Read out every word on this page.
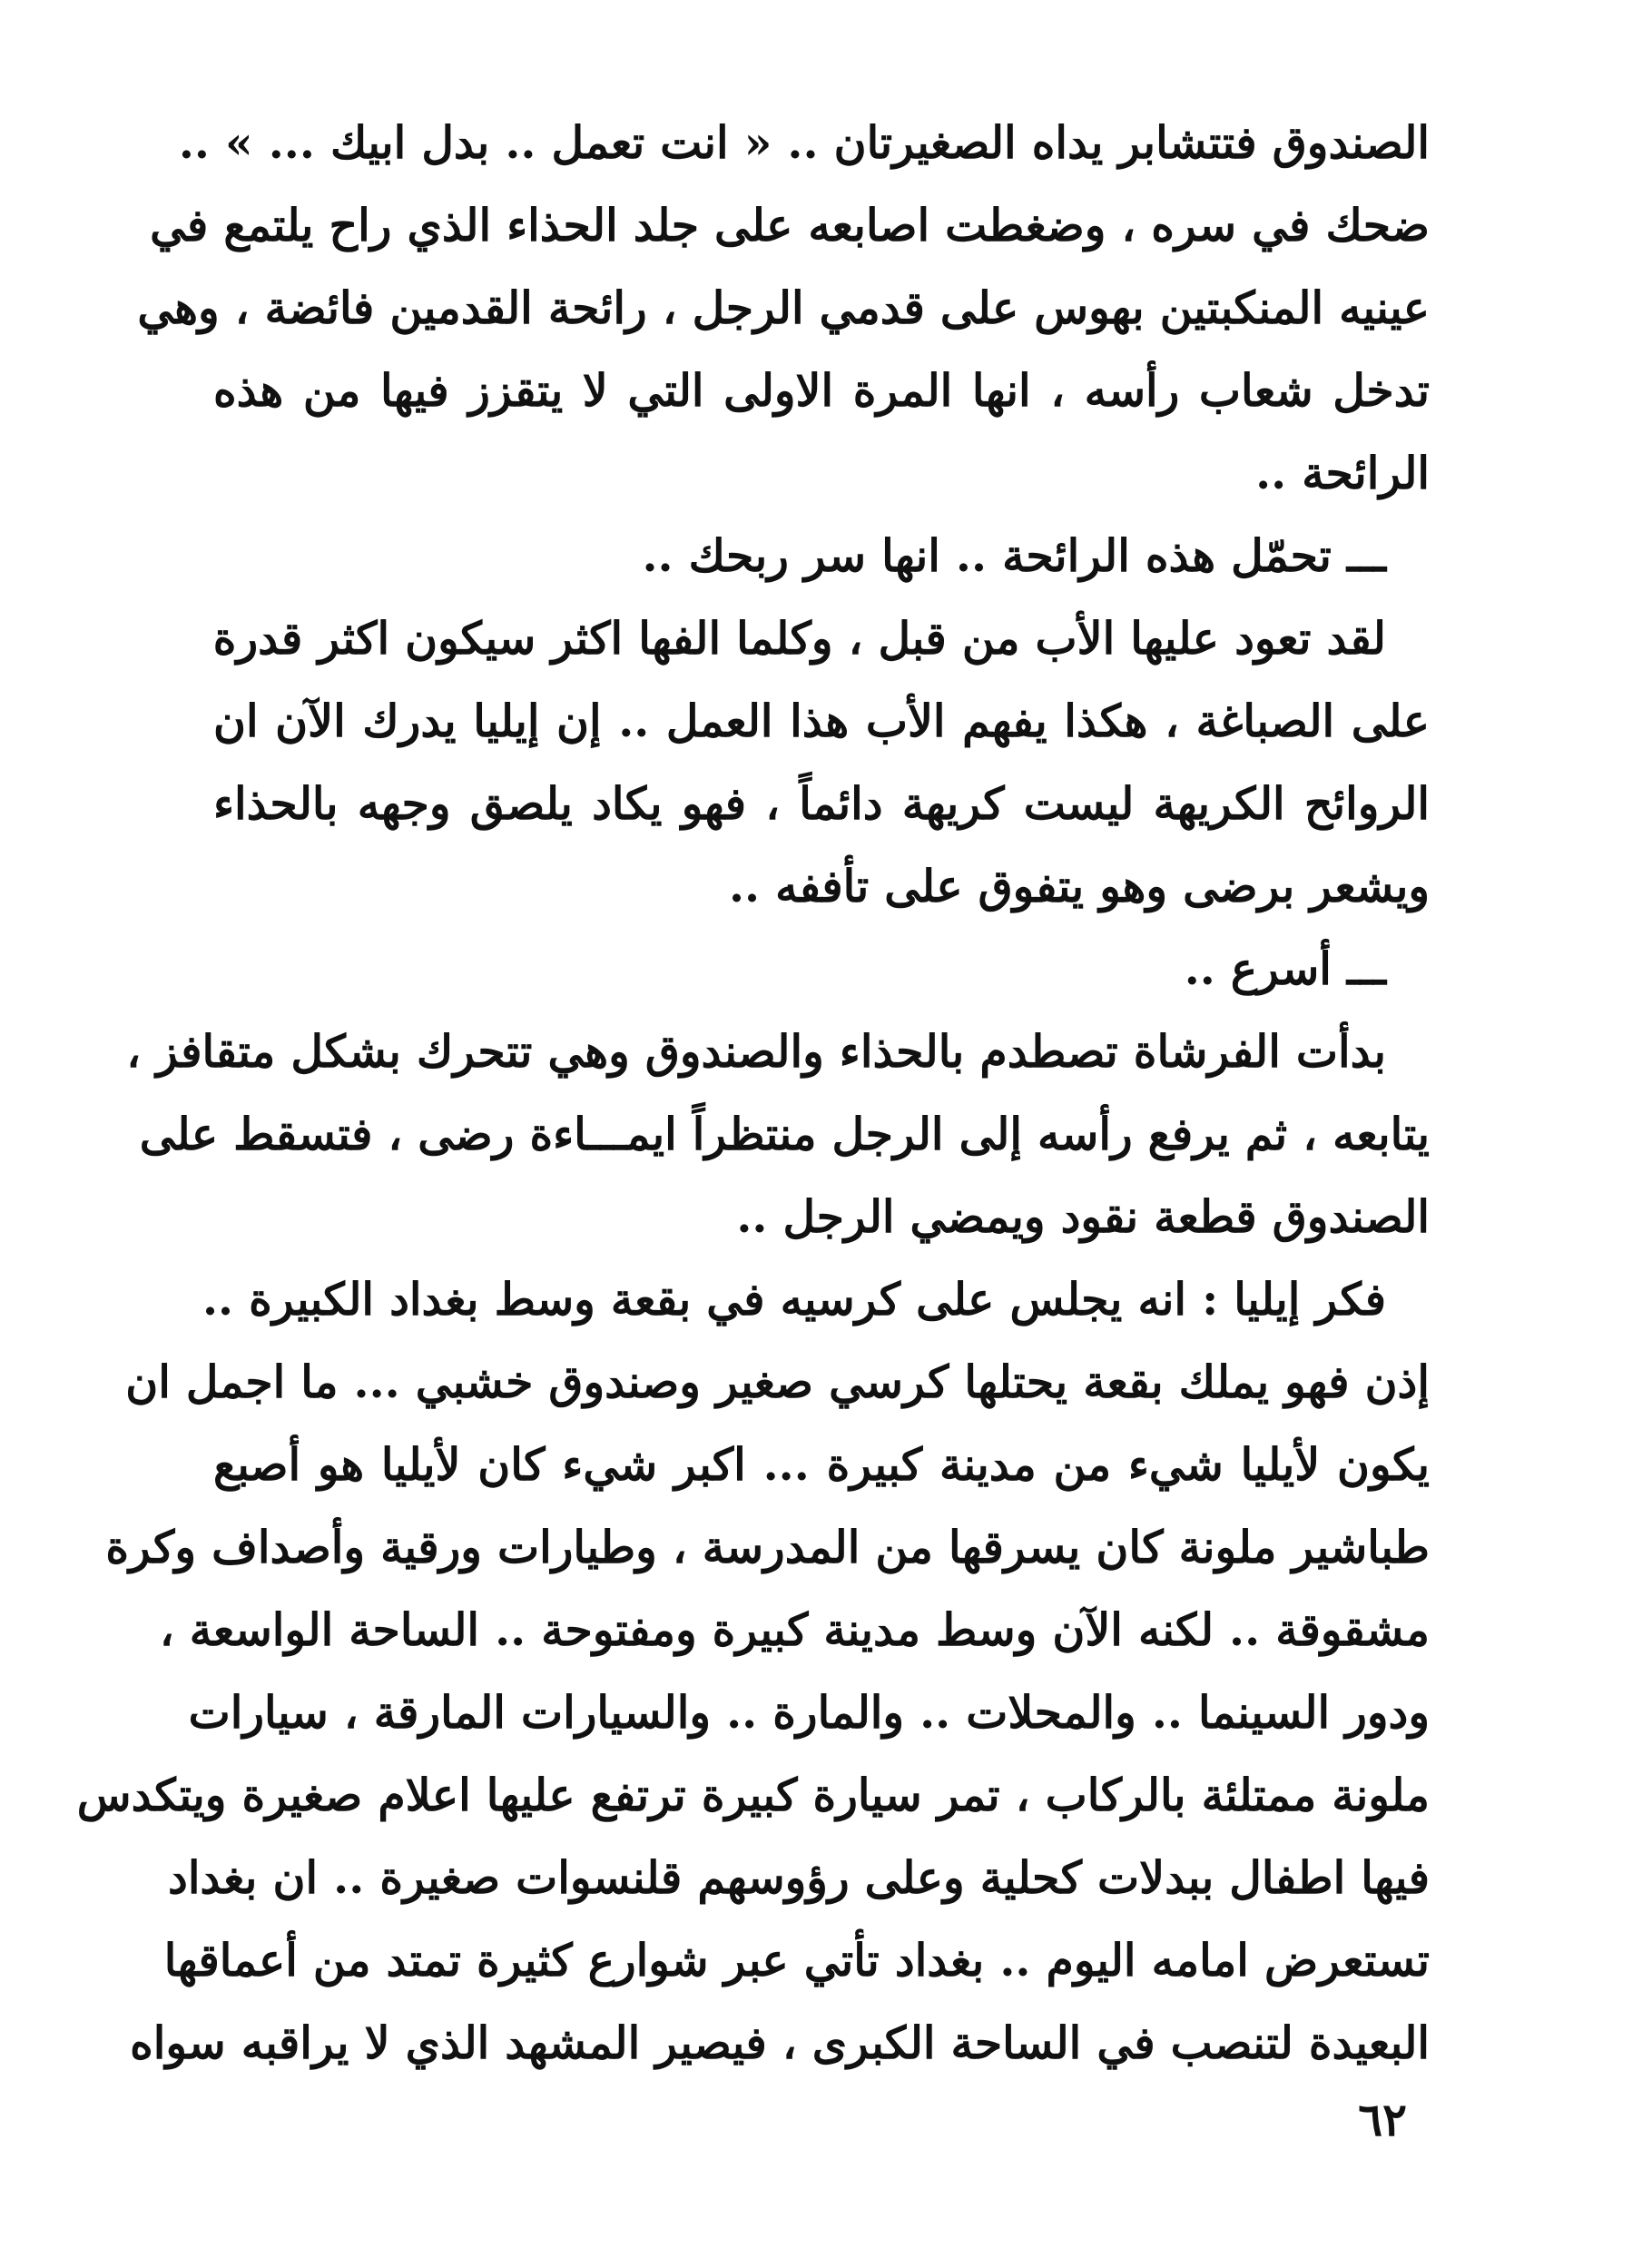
الصندوق فتتشابر يداه الصغيرتان .. « انت تعمل .. بدل ابيك ... » ..
ضحك في سره ، وضغطت اصابعه على جلد الحذاء الذي راح يلتمع في
عينيه المنكبتين بهوس على قدمي الرجل ، رائحة القدمين فائضة ، وهي
تدخل شعاب رأسه ، انها المرة الاولى التي لا يتقزز فيها من هذه
الرائحة ..
ـــ تحمّل هذه الرائحة .. انها سر ربحك ..
لقد تعود عليها الأب من قبل ، وكلما الفها اكثر سيكون اكثر قدرة
على الصباغة ، هكذا يفهم الأب هذا العمل .. إن إيليا يدرك الآن ان
الروائح الكريهة ليست كريهة دائماً ، فهو يكاد يلصق وجهه بالحذاء
ويشعر برضى وهو يتفوق على تأففه ..
ـــ أسرع ..
بدأت الفرشاة تصطدم بالحذاء والصندوق وهي تتحرك بشكل متقافز ،
يتابعه ، ثم يرفع رأسه إلى الرجل منتظراً ايمـــاءة رضى ، فتسقط على
الصندوق قطعة نقود ويمضي الرجل ..
فكر إيليا : انه يجلس على كرسيه في بقعة وسط بغداد الكبيرة ..
إذن فهو يملك بقعة يحتلها كرسي صغير وصندوق خشبي ... ما اجمل ان
يكون لأيليا شيء من مدينة كبيرة ... اكبر شيء كان لأيليا هو أصبع
طباشير ملونة كان يسرقها من المدرسة ، وطيارات ورقية وأصداف وكرة
مشقوقة .. لكنه الآن وسط مدينة كبيرة ومفتوحة .. الساحة الواسعة ،
ودور السينما .. والمحلات .. والمارة .. والسيارات المارقة ، سيارات
ملونة ممتلئة بالركاب ، تمر سيارة كبيرة ترتفع عليها اعلام صغيرة ويتكدس
فيها اطفال ببدلات كحلية وعلى رؤوسهم قلنسوات صغيرة .. ان بغداد
تستعرض امامه اليوم .. بغداد تأتي عبر شوارع كثيرة تمتد من أعماقها
البعيدة لتنصب في الساحة الكبرى ، فيصير المشهد الذي لا يراقبه سواه
٦٢
